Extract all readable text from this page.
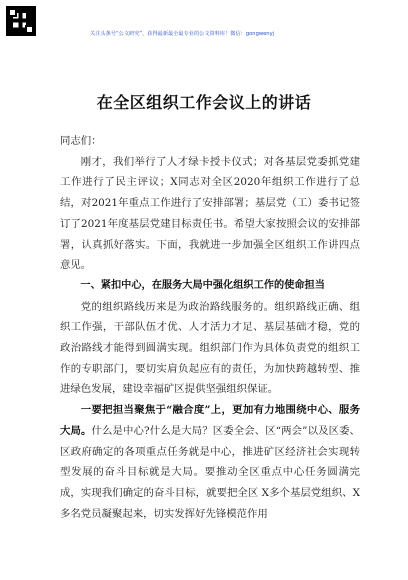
关注头条号“公文研究”，获得最新最全最专业的公文资料库！微信：gongwenyj
在全区组织工作会议上的讲话

同志们：

刚才，我们举行了人才绿卡授卡仪式；对各基层党委抓党建工作进行了民主评议；X同志对全区2020年组织工作进行了总结，对2021年重点工作进行了安排部署；基层党（工）委书记签订了2021年度基层党建目标责任书。希望大家按照会议的安排部署，认真抓好落实。下面，我就进一步加强全区组织工作讲四点意见。

一、紧扣中心，在服务大局中强化组织工作的使命担当

党的组织路线历来是为政治路线服务的。组织路线正确、组织工作强，干部队伍才优、人才活力才足、基层基础才稳，党的政治路线才能得到圆满实现。组织部门作为具体负责党的组织工作的专职部门，要切实肩负起应有的责任，为加快跨越转型、推进绿色发展，建设幸福矿区提供坚强组织保证。

一要把担当聚焦于“融合度”上，更加有力地围绕中心、服务大局。什么是中心?什么是大局？区委全会、区“两会”以及区委、区政府确定的各项重点任务就是中心，推进矿区经济社会实现转型发展的奋斗目标就是大局。要推动全区重点中心任务圆满完成，实现我们确定的奋斗目标，就要把全区 X多个基层党组织、X多名党员凝聚起来，切实发挥好先锋模范作用
